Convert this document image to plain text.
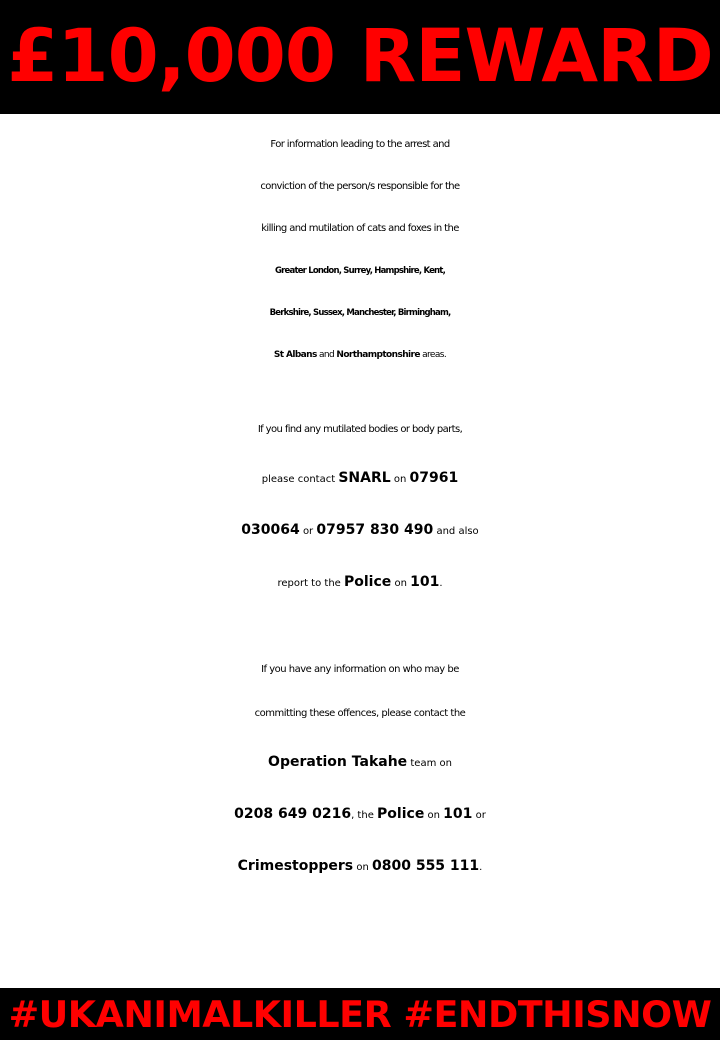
£10,000 REWARD
For information leading to the arrest and
conviction of the person/s responsible for the
killing and mutilation of cats and foxes in the
Greater London, Surrey, Hampshire, Kent,
Berkshire, Sussex, Manchester, Birmingham,
St Albans and Northamptonshire areas.
If you find any mutilated bodies or body parts,
please contact SNARL on 07961
030064 or 07957 830 490 and also
report to the Police on 101.
If you have any information on who may be
committing these offences, please contact the
Operation Takahe team on
0208 649 0216, the Police on 101 or
Crimestoppers on 0800 555 111.
#UKANIMALKILLER #ENDTHISNOW
